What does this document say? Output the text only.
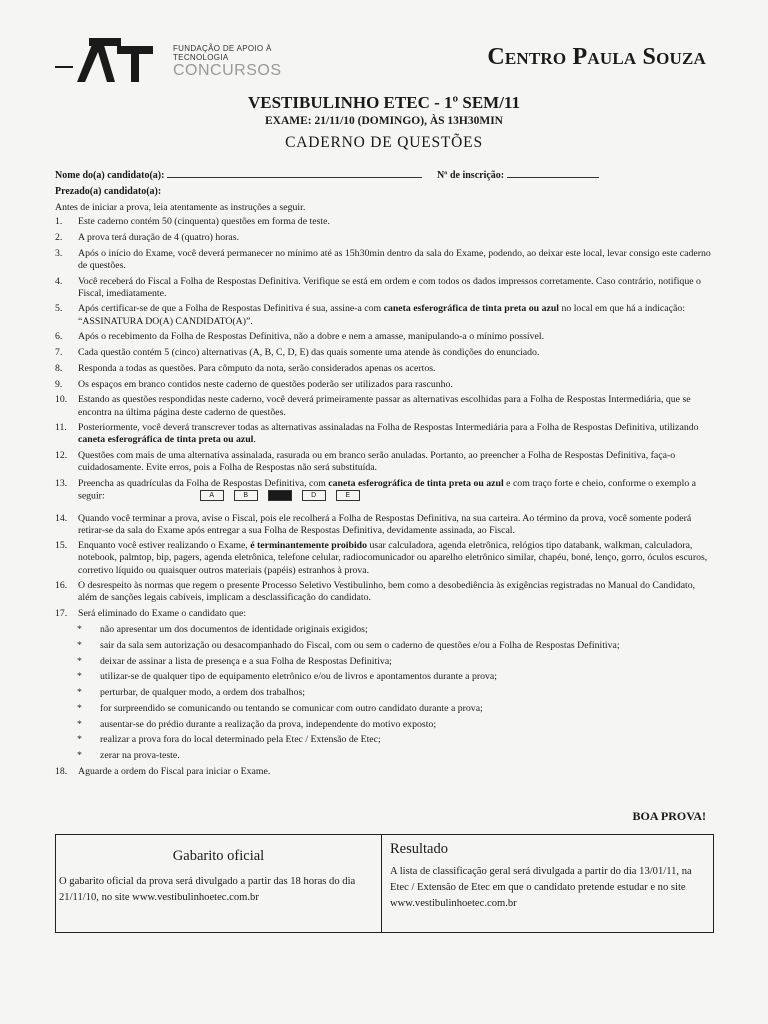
FUNDAÇÃO DE APOIO À TECNOLOGIA
CONCURSOS
Centro Paula Souza
VESTIBULINHO ETEC - 1º SEM/11
EXAME: 21/11/10 (DOMINGO), ÀS 13H30MIN
CADERNO DE QUESTÕES
Nome do(a) candidato(a):	Nº de inscrição:
Prezado(a) candidato(a):
Antes de iniciar a prova, leia atentamente as instruções a seguir.
1. Este caderno contém 50 (cinquenta) questões em forma de teste.
2. A prova terá duração de 4 (quatro) horas.
3. Após o início do Exame, você deverá permanecer no mínimo até as 15h30min dentro da sala do Exame, podendo, ao deixar este local, levar consigo este caderno de questões.
4. Você receberá do Fiscal a Folha de Respostas Definitiva. Verifique se está em ordem e com todos os dados impressos corretamente. Caso contrário, notifique o Fiscal, imediatamente.
5. Após certificar-se de que a Folha de Respostas Definitiva é sua, assine-a com caneta esferográfica de tinta preta ou azul no local em que há a indicação: “ASSINATURA DO(A) CANDIDATO(A)”.
6. Após o recebimento da Folha de Respostas Definitiva, não a dobre e nem a amasse, manipulando-a o mínimo possível.
7. Cada questão contém 5 (cinco) alternativas (A, B, C, D, E) das quais somente uma atende às condições do enunciado.
8. Responda a todas as questões. Para cômputo da nota, serão considerados apenas os acertos.
9. Os espaços em branco contidos neste caderno de questões poderão ser utilizados para rascunho.
10. Estando as questões respondidas neste caderno, você deverá primeiramente passar as alternativas escolhidas para a Folha de Respostas Intermediária, que se encontra na última página deste caderno de questões.
11. Posteriormente, você deverá transcrever todas as alternativas assinaladas na Folha de Respostas Intermediária para a Folha de Respostas Definitiva, utilizando caneta esferográfica de tinta preta ou azul.
12. Questões com mais de uma alternativa assinalada, rasurada ou em branco serão anuladas. Portanto, ao preencher a Folha de Respostas Definitiva, faça-o cuidadosamente. Evite erros, pois a Folha de Respostas não será substituída.
13. Preencha as quadrículas da Folha de Respostas Definitiva, com caneta esferográfica de tinta preta ou azul e com traço forte e cheio, conforme o exemplo a seguir:	A	B	C	D	E
14. Quando você terminar a prova, avise o Fiscal, pois ele recolherá a Folha de Respostas Definitiva, na sua carteira. Ao término da prova, você somente poderá retirar-se da sala do Exame após entregar a sua Folha de Respostas Definitiva, devidamente assinada, ao Fiscal.
15. Enquanto você estiver realizando o Exame, é terminantemente proibido usar calculadora, agenda eletrônica, relógios tipo databank, walkman, calculadora, notebook, palmtop, bip, pagers, agenda eletrônica, telefone celular, radiocomunicador ou aparelho eletrônico similar, chapéu, boné, lenço, gorro, óculos escuros, corretivo líquido ou quaisquer outros materiais (papéis) estranhos à prova.
16. O desrespeito às normas que regem o presente Processo Seletivo Vestibulinho, bem como a desobediência às exigências registradas no Manual do Candidato, além de sanções legais cabíveis, implicam a desclassificação do candidato.
17. Será eliminado do Exame o candidato que:
* não apresentar um dos documentos de identidade originais exigidos;
* sair da sala sem autorização ou desacompanhado do Fiscal, com ou sem o caderno de questões e/ou a Folha de Respostas Definitiva;
* deixar de assinar a lista de presença e a sua Folha de Respostas Definitiva;
* utilizar-se de qualquer tipo de equipamento eletrônico e/ou de livros e apontamentos durante a prova;
* perturbar, de qualquer modo, a ordem dos trabalhos;
* for surpreendido se comunicando ou tentando se comunicar com outro candidato durante a prova;
* ausentar-se do prédio durante a realização da prova, independente do motivo exposto;
* realizar a prova fora do local determinado pela Etec / Extensão de Etec;
* zerar na prova-teste.
18. Aguarde a ordem do Fiscal para iniciar o Exame.
BOA PROVA!
Gabarito oficial
O gabarito oficial da prova será divulgado a partir das 18 horas do dia 21/11/10, no site www.vestibulinhoetec.com.br
Resultado
A lista de classificação geral será divulgada a partir do dia 13/01/11, na Etec / Extensão de Etec em que o candidato pretende estudar e no site www.vestibulinhoetec.com.br
